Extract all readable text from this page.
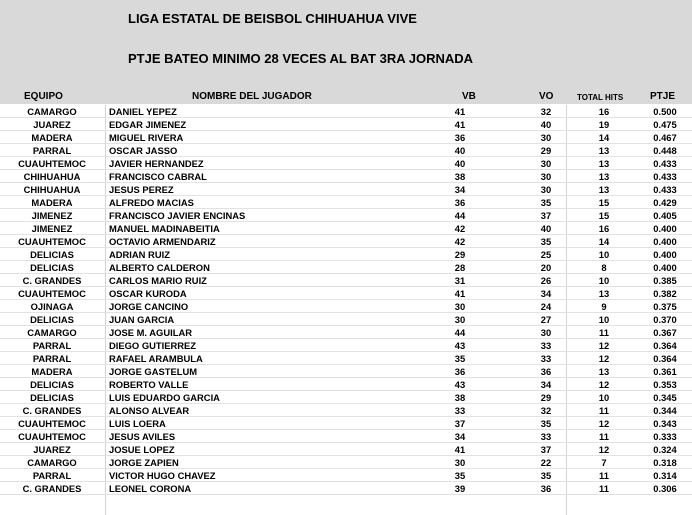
LIGA ESTATAL DE BEISBOL CHIHUAHUA VIVE
PTJE BATEO MINIMO 28 VECES AL BAT 3RA JORNADA
EQUIPO	NOMBRE DEL JUGADOR	VB	VO	TOTAL HITS	PTJE
CAMARGO	DANIEL YEPEZ	41	32	16	0.500
JUAREZ	EDGAR JIMENEZ	41	40	19	0.475
MADERA	MIGUEL RIVERA	36	30	14	0.467
PARRAL	OSCAR JASSO	40	29	13	0.448
CUAUHTEMOC	JAVIER HERNANDEZ	40	30	13	0.433
CHIHUAHUA	FRANCISCO CABRAL	38	30	13	0.433
CHIHUAHUA	JESUS PEREZ	34	30	13	0.433
MADERA	ALFREDO MACIAS	36	35	15	0.429
JIMENEZ	FRANCISCO JAVIER ENCINAS	44	37	15	0.405
JIMENEZ	MANUEL MADINABEITIA	42	40	16	0.400
CUAUHTEMOC	OCTAVIO ARMENDARIZ	42	35	14	0.400
DELICIAS	ADRIAN RUIZ	29	25	10	0.400
DELICIAS	ALBERTO CALDERON	28	20	8	0.400
C. GRANDES	CARLOS MARIO RUIZ	31	26	10	0.385
CUAUHTEMOC	OSCAR KURODA	41	34	13	0.382
OJINAGA	JORGE CANCINO	30	24	9	0.375
DELICIAS	JUAN GARCIA	30	27	10	0.370
CAMARGO	JOSE M. AGUILAR	44	30	11	0.367
PARRAL	DIEGO GUTIERREZ	43	33	12	0.364
PARRAL	RAFAEL ARAMBULA	35	33	12	0.364
MADERA	JORGE GASTELUM	36	36	13	0.361
DELICIAS	ROBERTO VALLE	43	34	12	0.353
DELICIAS	LUIS EDUARDO GARCIA	38	29	10	0.345
C. GRANDES	ALONSO ALVEAR	33	32	11	0.344
CUAUHTEMOC	LUIS LOERA	37	35	12	0.343
CUAUHTEMOC	JESUS AVILES	34	33	11	0.333
JUAREZ	JOSUE LOPEZ	41	37	12	0.324
CAMARGO	JORGE ZAPIEN	30	22	7	0.318
PARRAL	VICTOR HUGO CHAVEZ	35	35	11	0.314
C. GRANDES	LEONEL CORONA	39	36	11	0.306
